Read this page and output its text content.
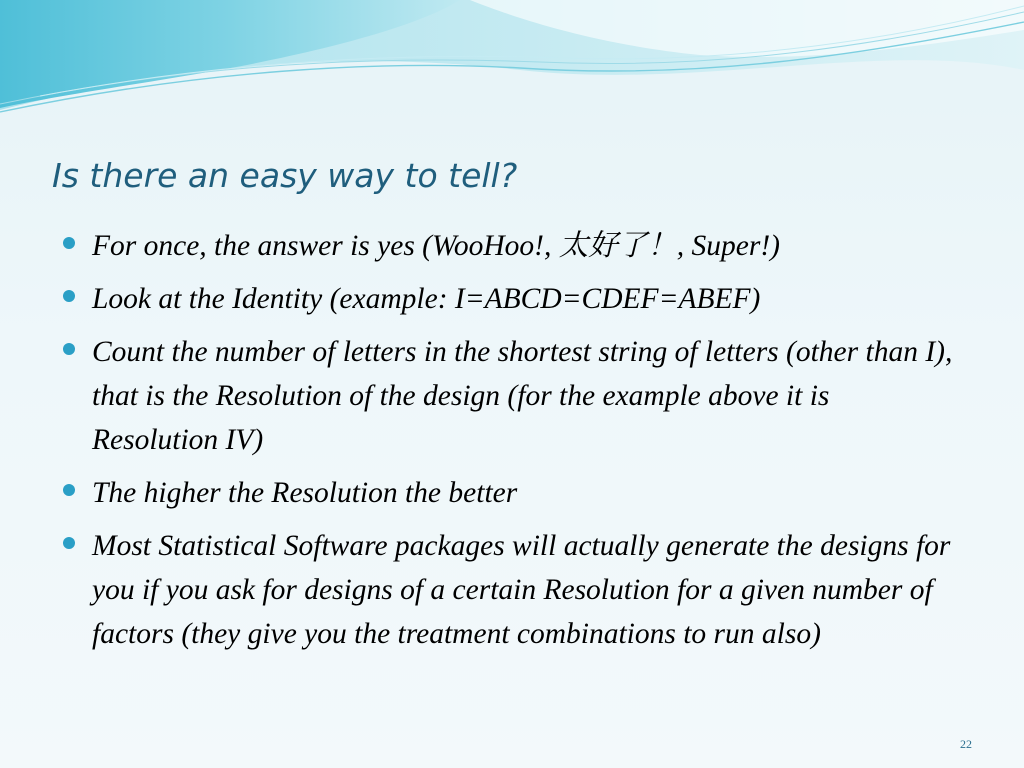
Is there an easy way to tell?
For once, the answer is yes (WooHoo!, 太好了！, Super!)
Look at the Identity (example: I=ABCD=CDEF=ABEF)
Count the number of letters in the shortest string of letters (other than I), that is the Resolution of the design (for the example above it is Resolution IV)
The higher the Resolution the better
Most Statistical Software packages will actually generate the designs for you if you ask for designs of a certain Resolution for a given number of factors (they give you the treatment combinations to run also)
22
